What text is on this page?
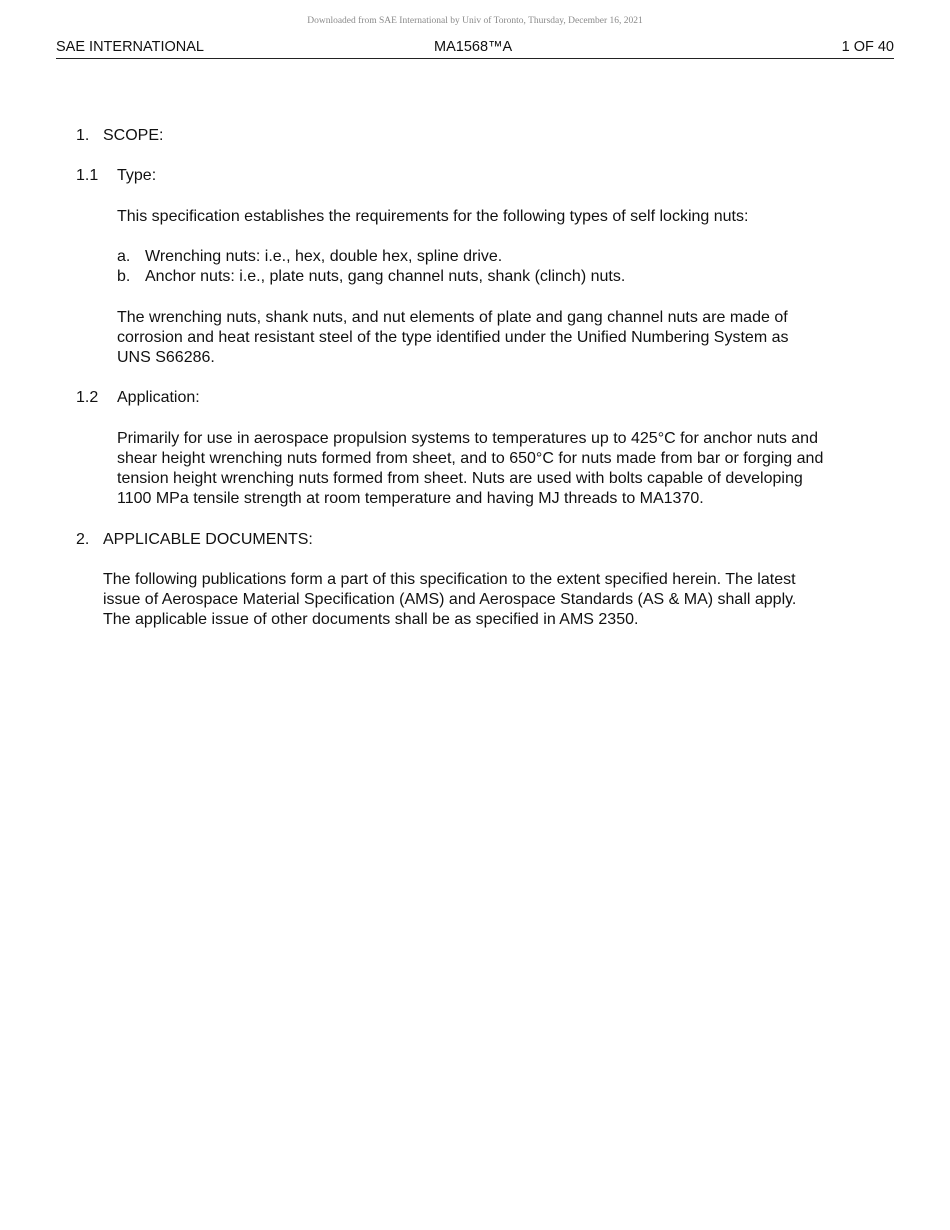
Downloaded from SAE International by Univ of Toronto, Thursday, December 16, 2021
SAE INTERNATIONAL	MA1568™A	1 OF 40
1. SCOPE:
1.1 Type:
This specification establishes the requirements for the following types of self locking nuts:
a. Wrenching nuts: i.e., hex, double hex, spline drive.
b. Anchor nuts: i.e., plate nuts, gang channel nuts, shank (clinch) nuts.
The wrenching nuts, shank nuts, and nut elements of plate and gang channel nuts are made of
corrosion and heat resistant steel of the type identified under the Unified Numbering System as
UNS S66286.
1.2 Application:
Primarily for use in aerospace propulsion systems to temperatures up to 425°C for anchor nuts and
shear height wrenching nuts formed from sheet, and to 650°C for nuts made from bar or forging and
tension height wrenching nuts formed from sheet. Nuts are used with bolts capable of developing
1100 MPa tensile strength at room temperature and having MJ threads to MA1370.
2. APPLICABLE DOCUMENTS:
The following publications form a part of this specification to the extent specified herein. The latest
issue of Aerospace Material Specification (AMS) and Aerospace Standards (AS & MA) shall apply.
The applicable issue of other documents shall be as specified in AMS 2350.
